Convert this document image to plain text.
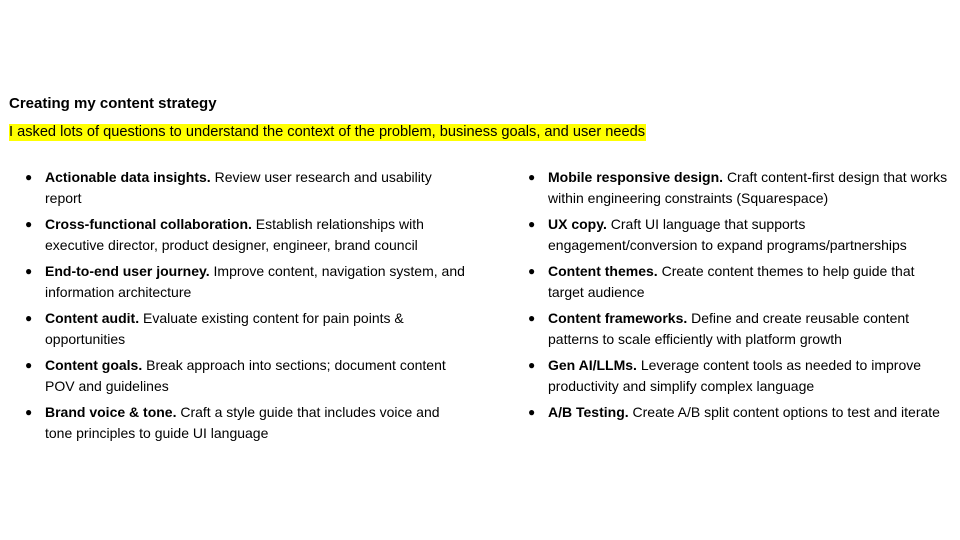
Creating my content strategy

I asked lots of questions to understand the context of the problem, business goals, and user needs

● Actionable data insights. Review user research and usability report
● Cross-functional collaboration. Establish relationships with executive director, product designer, engineer, brand council
● End-to-end user journey. Improve content, navigation system, and information architecture
● Content audit. Evaluate existing content for pain points & opportunities
● Content goals. Break approach into sections; document content POV and guidelines
● Brand voice & tone. Craft a style guide that includes voice and tone principles to guide UI language
● Mobile responsive design. Craft content-first design that works within engineering constraints (Squarespace)
● UX copy. Craft UI language that supports engagement/conversion to expand programs/partnerships
● Content themes. Create content themes to help guide that target audience
● Content frameworks. Define and create reusable content patterns to scale efficiently with platform growth
● Gen AI/LLMs. Leverage content tools as needed to improve productivity and simplify complex language
● A/B Testing. Create A/B split content options to test and iterate
